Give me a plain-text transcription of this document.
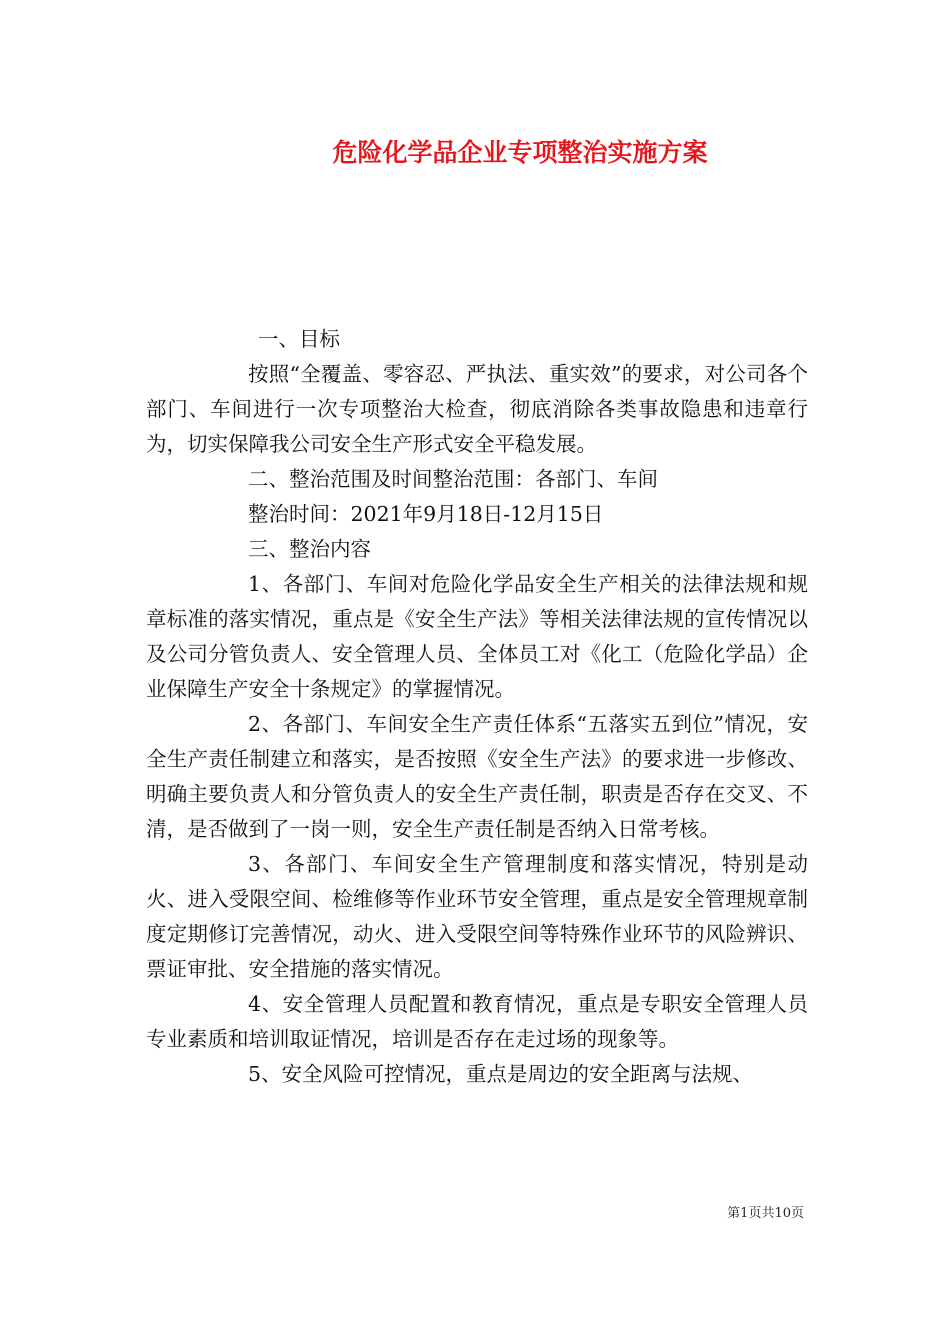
危险化学品企业专项整治实施方案

一、目标

按照“全覆盖、零容忍、严执法、重实效”的要求，对公司各个部门、车间进行一次专项整治大检查，彻底消除各类事故隐患和违章行为，切实保障我公司安全生产形式安全平稳发展。

二、整治范围及时间整治范围：各部门、车间

整治时间：2021年9月18日-12月15日

三、整治内容

1、各部门、车间对危险化学品安全生产相关的法律法规和规章标准的落实情况，重点是《安全生产法》等相关法律法规的宣传情况以及公司分管负责人、安全管理人员、全体员工对《化工（危险化学品）企业保障生产安全十条规定》的掌握情况。

2、各部门、车间安全生产责任体系“五落实五到位”情况，安全生产责任制建立和落实，是否按照《安全生产法》的要求进一步修改、明确主要负责人和分管负责人的安全生产责任制，职责是否存在交叉、不清，是否做到了一岗一则，安全生产责任制是否纳入日常考核。

3、各部门、车间安全生产管理制度和落实情况，特别是动火、进入受限空间、检维修等作业环节安全管理，重点是安全管理规章制度定期修订完善情况，动火、进入受限空间等特殊作业环节的风险辨识、票证审批、安全措施的落实情况。

4、安全管理人员配置和教育情况，重点是专职安全管理人员专业素质和培训取证情况，培训是否存在走过场的现象等。

5、安全风险可控情况，重点是周边的安全距离与法规、

第1页共10页
